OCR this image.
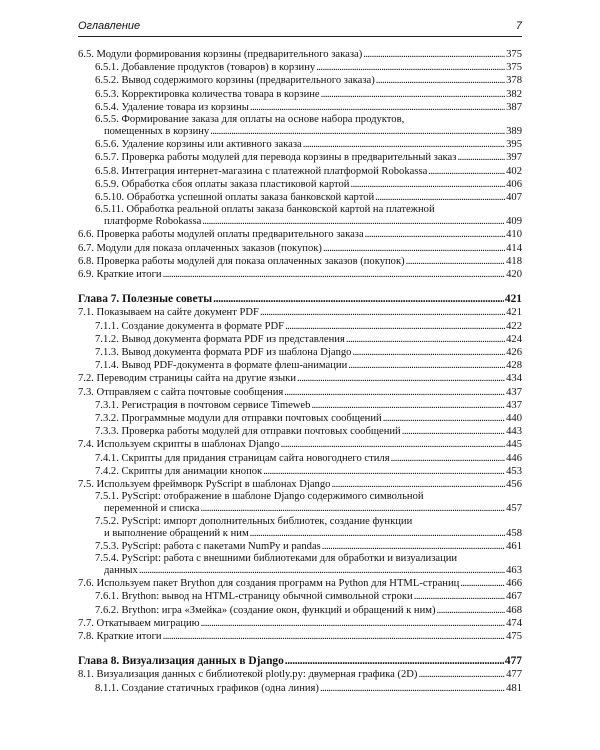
Оглавление	7
6.5. Модули формирования корзины (предварительного заказа) . . .	375
6.5.1. Добавление продуктов (товаров) в корзину . . .	375
6.5.2. Вывод содержимого корзины (предварительного заказа) . . .	378
6.5.3. Корректировка количества товара в корзине . . .	382
6.5.4. Удаление товара из корзины . . .	387
6.5.5. Формирование заказа для оплаты на основе набора продуктов,
помещенных в корзину . . .	389
6.5.6. Удаление корзины или активного заказа . . .	395
6.5.7. Проверка работы модулей для перевода корзины в предварительный заказ . . .	397
6.5.8. Интеграция интернет-магазина с платежной платформой Robokassa . . .	402
6.5.9. Обработка сбоя оплаты заказа пластиковой картой . . .	406
6.5.10. Обработка успешной оплаты заказа банковской картой . . .	407
6.5.11. Обработка реальной оплаты заказа банковской картой на платежной
платформе Robokassa . . .	409
6.6. Проверка работы модулей оплаты предварительного заказа . . .	410
6.7. Модули для показа оплаченных заказов (покупок) . . .	414
6.8. Проверка работы модулей для показа оплаченных заказов (покупок) . . .	418
6.9. Краткие итоги . . .	420
Глава 7. Полезные советы . . .	421
7.1. Показываем на сайте документ PDF . . .	421
7.1.1. Создание документа в формате PDF . . .	422
7.1.2. Вывод документа формата PDF из представления . . .	424
7.1.3. Вывод документа формата PDF из шаблона Django . . .	426
7.1.4. Вывод PDF-документа в формате флеш-анимации . . .	428
7.2. Переводим страницы сайта на другие языки . . .	434
7.3. Отправляем с сайта почтовые сообщения . . .	437
7.3.1. Регистрация в почтовом сервисе Timeweb . . .	437
7.3.2. Программные модули для отправки почтовых сообщений . . .	440
7.3.3. Проверка работы модулей для отправки почтовых сообщений . . .	443
7.4. Используем скрипты в шаблонах Django . . .	445
7.4.1. Скрипты для придания страницам сайта новогоднего стиля . . .	446
7.4.2. Скрипты для анимации кнопок . . .	453
7.5. Используем фреймворк PyScript в шаблонах Django . . .	456
7.5.1. PyScript: отображение в шаблоне Django содержимого символьной
переменной и списка . . .	457
7.5.2. PyScript: импорт дополнительных библиотек, создание функции
и выполнение обращений к ним . . .	458
7.5.3. PyScript: работа с пакетами NumPy и pandas . . .	461
7.5.4. PyScript: работа с внешними библиотеками для обработки и визуализации
данных . . .	463
7.6. Используем пакет Brython для создания программ на Python для HTML-страниц . . .	466
7.6.1. Brython: вывод на HTML-страницу обычной символьной строки . . .	467
7.6.2. Brython: игра «Змейка» (создание окон, функций и обращений к ним) . . .	468
7.7. Откатываем миграцию . . .	474
7.8. Краткие итоги . . .	475
Глава 8. Визуализация данных в Django . . .	477
8.1. Визуализация данных с библиотекой plotly.py: двумерная графика (2D) . . .	477
8.1.1. Создание статичных графиков (одна линия) . . .	481
